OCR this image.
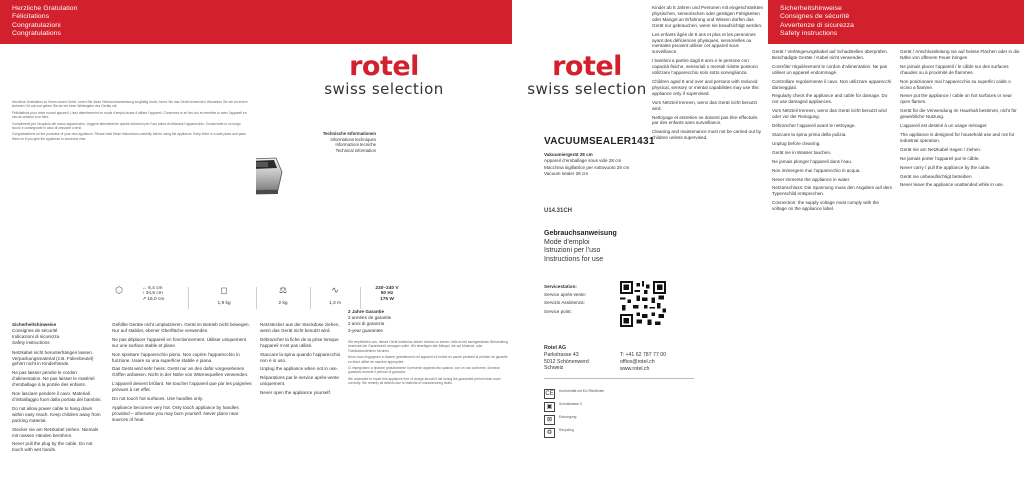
Herzliche Gratulation
Félicitations
Congratulazioni
Congratulations

Herzliche Gratulation zu Ihrem neuen Gerät. Lesen Sie diese Gebrauchsanweisung sorgfältig durch, bevor Sie das Gerät verwenden. Bewahren Sie sie an einem sicheren Ort auf und geben Sie sie bei einer Weitergabe des Geräts mit.

Félicitations pour votre nouvel appareil. Lisez attentivement ce mode d’emploi avant d’utiliser l’appareil. Conservez-le en lieu sûr et remettez-le avec l’appareil en cas de cession à un tiers.

Complimenti per l’acquisto del nuovo apparecchio. Leggere attentamente queste istruzioni per l’uso prima di utilizzare l’apparecchio. Conservarle in un luogo sicuro e consegnarle in caso di cessione a terzi.

Congratulations on the purchase of your new appliance. Please read these instructions carefully before using the appliance. Keep them in a safe place and pass them on if you give the appliance to someone else.

⬡	↔ 6,4 cm
↕ 34,5 cm
↗ 15,0 cm
◻
1,9 kg
Sicherheitshinweise
Consignes de sécurité
Indicazioni di sicurezza
Safety instructions

Netzkabel nicht herunterhängen lassen. Verpackungsmaterial (z.B. Folienbeutel) gehört nicht in Kinderhände.

Ne pas laisser pendre le cordon d’alimentation. Ne pas laisser le matériel d’emballage à la portée des enfants.

Non lasciare pendere il cavo. Materiali d’imballaggio fuori dalla portata dei bambini.

Do not allow power cable to hang down within easy reach. Keep children away from packing material.

Stecker nie am Netzkabel ziehen. Niemals mit nassen Händen berühren.

Never pull the plug by the cable. Do not touch with wet hands.

Gefüllte Geräte nicht umplatzieren. Gerät im Betrieb nicht bewegen. Nur auf stabiler, ebener Oberfläche verwenden.

Ne pas déplacer l’appareil en fonctionnement. Utiliser uniquement sur une surface stable et plane.

Non spostare l’apparecchio pieno. Non coprire l’apparecchio in funzione. Usare su una superficie stabile e piana.

Das Gerät wird sehr heiss. Gerät nur an den dafür vorgesehenen Griffen anfassen. Nicht in der Nähe von Wärmequellen verwenden.

L’appareil devient brûlant. Ne toucher l’appareil que par les poignées prévues à cet effet.

Do not touch hot surfaces. Use handles only.

Appliance becomes very hot. Only touch appliance by handles provided – otherwise you may burn yourself. Never place near sources of heat.

rotel
swiss selection
Technische Informationen
Informations techniques
Informazioni tecniche
Technical information
⚖
2 kg
∿
1,3 m
230–240 V
50 Hz
175 W

Netzstecker aus der Steckdose ziehen, wenn das Gerät nicht benutzt wird.

Débrancher la fiche de la prise lorsque l’appareil n’est pas utilisé.

Staccare la spina quando l’apparecchio non è in uso.

Unplug the appliance when not in use.

Réparations par le service après-vente uniquement.

Never open the appliance yourself.

2 Jahre Garantie
2 années de garantie
2 anni di garanzia
2-year guarantee

Wir verpflichten uns, dieses Gerät kostenlos wieder instand zu setzen, falls es bei sachgemässer Behandlung innerhalb der Garantiezeit versagen sollte. Wir beseitigen alle Mängel, die auf Material- oder Fabrikationsfehlern beruhen.

Nous nous engageons à réparer gratuitement cet appareil s’il tombe en panne pendant la période de garantie en étant utilisé de manière appropriée.

Ci impegniamo a riparare gratuitamente il presente apparecchio qualora, con un uso conforme, dovesse guastarsi durante il periodo di garanzia.

We undertake to repair this appliance free of charge should it fail during the guarantee period when used correctly. We remedy all defects due to material or manufacturing faults.

rotel
swiss selection
VACUUMSEALER1431
Vakuumiergerät 28 cm
Appareil d’emballage sous vide 28 cm
Macchina sigillatrice per sottovuoto 28 cm
Vacuum sealer 28 cm
U14.31CH
Gebrauchsanweisung
Mode d’emploi
Istruzioni per l’uso
Instructions for use
Servicestation:
Service après-vente:
Servizio Assistenza:
Service point:
Rotel AG
Parkstrasse 43
5012 Schönenwerd
Schweiz
T: +41 62 787 77 00
office@rotel.ch
www.rotel.ch
CE	Konformität mit EU-Richtlinien
▣	Schutzklasse II
⊠	Entsorgung
♻	Recycling

Kinder ab 8 Jahren und Personen mit eingeschränkten physischen, sensorischen oder geistigen Fähigkeiten oder Mangel an Erfahrung und Wissen dürfen das Gerät nur gebrauchen, wenn sie beaufsichtigt werden.

Les enfants âgés de 8 ans et plus et les personnes ayant des déficiences physiques, sensorielles ou mentales peuvent utiliser cet appareil sous surveillance.

I bambini a partire dagli 8 anni e le persone con capacità fisiche, sensoriali o mentali ridotte possono utilizzare l’apparecchio solo sotto sorveglianza.

Children aged 8 and over and persons with reduced physical, sensory or mental capabilities may use this appliance only if supervised.

Vom Netzteil trennen, wenn das Gerät nicht benutzt wird.

Nettoyage et entretien ne doivent pas être effectués par des enfants sans surveillance.

Cleaning and maintenance must not be carried out by children unless supervised.

Sicherheitshinweise
Consignes de sécurité
Avvertenze di sicurezza
Safety instructions

Gerät / Verlängerungskabel auf Schadstellen überprüfen. Beschädigte Geräte / Kabel nicht verwenden.

Contrôler régulièrement le cordon d’alimentation. Ne pas utiliser un appareil endommagé.

Controllare regolarmente il cavo. Non utilizzare apparecchi danneggiati.

Regularly check the appliance and cable for damage. Do not use damaged appliances.

Vom Netzteil trennen, wenn das Gerät nicht benutzt wird oder vor der Reinigung.

Débrancher l’appareil avant le nettoyage.

Staccare la spina prima della pulizia.

Unplug before cleaning.

Gerät nie in Wasser tauchen.

Ne jamais plonger l’appareil dans l’eau.

Non immergere mai l’apparecchio in acqua.

Never immerse the appliance in water.

Netzanschluss: Die Spannung muss den Angaben auf dem Typenschild entsprechen.

Connection: the supply voltage must comply with the voltage on the appliance label.

Gerät / Anschlussleitung nie auf heisse Flächen oder in die Nähe von offenem Feuer bringen.

Ne jamais placer l’appareil / le câble sur des surfaces chaudes ou à proximité de flammes.

Non posizionare mai l’apparecchio su superfici calde o vicino a fiamme.

Never put the appliance / cable on hot surfaces or near open flames.

Gerät für die Verwendung im Haushalt bestimmt, nicht für gewerbliche Nutzung.

L’appareil est destiné à un usage ménager.

The appliance is designed for household use and not for industrial operation.

Gerät nie am Netzkabel tragen / ziehen.

Ne jamais porter l’appareil par le câble.

Never carry / pull the appliance by the cable.

Gerät nie unbeaufsichtigt betreiben.

Never leave the appliance unattended while in use.
